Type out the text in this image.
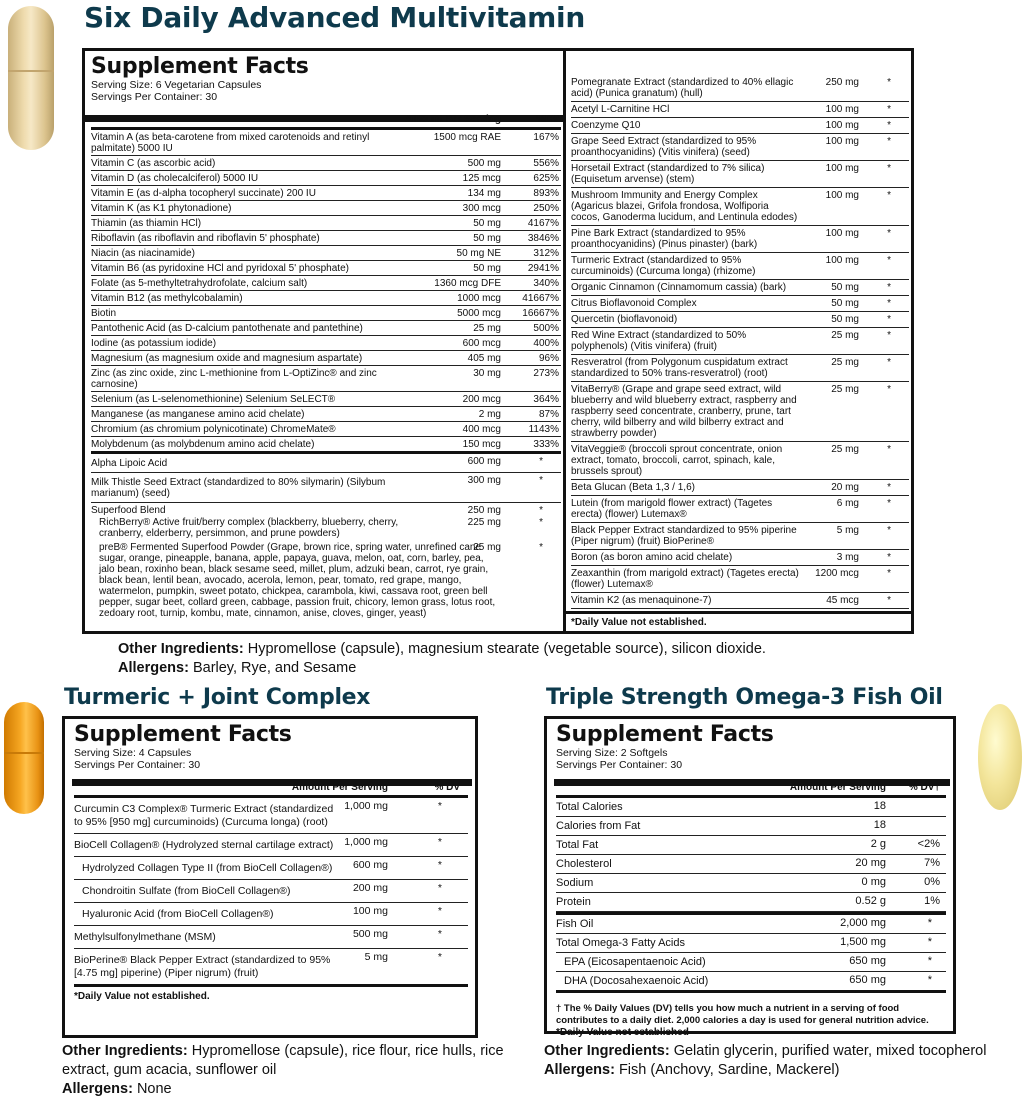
Six Daily Advanced Multivitamin
Supplement Facts
Serving Size: 6 Vegetarian Capsules
Servings Per Container: 30
Amount Per Serving	%DV
Vitamin A (as beta-carotene from mixed carotenoids and retinyl palmitate) 5000 IU
1500 mcg RAE	167%
Vitamin C (as ascorbic acid)	500 mg	556%
Vitamin D (as cholecalciferol) 5000 IU	125 mcg	625%
Vitamin E (as d-alpha tocopheryl succinate) 200 IU	134 mg	893%
Vitamin K (as K1 phytonadione)	300 mcg	250%
Thiamin (as thiamin HCl)	50 mg	4167%
Riboflavin (as riboflavin and riboflavin 5' phosphate)	50 mg	3846%
Niacin (as niacinamide)	50 mg NE	312%
Vitamin B6 (as pyridoxine HCl and pyridoxal 5' phosphate)	50 mg	2941%
Folate (as 5-methyltetrahydrofolate, calcium salt)	1360 mcg DFE	340%
Vitamin B12 (as methylcobalamin)	1000 mcg 41667%
Biotin	5000 mcg 16667%
Pantothenic Acid (as D-calcium pantothenate and pantethine)	25 mg	500%
Iodine (as potassium iodide)	600 mcg	400%
Magnesium (as magnesium oxide and magnesium aspartate)	405 mg	96%
Zinc (as zinc oxide, zinc L-methionine from L-OptiZinc® and zinc carnosine)
30 mg	273%
Selenium (as L-selenomethionine) Selenium SeLECT®	200 mcg	364%
Manganese (as manganese amino acid chelate)	2 mg	87%
Chromium (as chromium polynicotinate) ChromeMate®	400 mcg	1143%
Molybdenum (as molybdenum amino acid chelate)	150 mcg	333%
Alpha Lipoic Acid	600 mg	*
Milk Thistle Seed Extract (standardized to 80% silymarin) (Silybum marianum) (seed)
300 mg	*
Superfood Blend	250 mg	*
RichBerry® Active fruit/berry complex (blackberry, blueberry, cherry, cranberry, elderberry, persimmon, and prune powders)
225 mg	*
preB® Fermented Superfood Powder (Grape, brown rice, spring water, unrefined cane sugar, orange, pineapple, banana, apple, papaya, guava, melon, oat, corn, barley, pea, jalo bean, roxinho bean, black sesame seed, millet, plum, adzuki bean, carrot, rye grain, black bean, lentil bean, avocado, acerola, lemon, pear, tomato, red grape, mango, watermelon, pumpkin, sweet potato, chickpea, carambola, kiwi, cassava root, green bell pepper, sugar beet, collard green, cabbage, passion fruit, chicory, lemon grass, lotus root, zedoary root, turnip, kombu, mate, cinnamon, anise, cloves, ginger, yeast)
25 mg	*
Pomegranate Extract (standardized to 40% ellagic acid) (Punica granatum) (hull)
250 mg	*
Acetyl L-Carnitine HCl	100 mg	*
Coenzyme Q10	100 mg	*
Grape Seed Extract (standardized to 95% proanthocyanidins) (Vitis vinifera) (seed)
100 mg	*
Horsetail Extract (standardized to 7% silica) (Equisetum arvense) (stem)
100 mg	*
Mushroom Immunity and Energy Complex (Agaricus blazei, Grifola frondosa, Wolfiporia cocos, Ganoderma lucidum, and Lentinula edodes)
100 mg	*
Pine Bark Extract (standardized to 95% proanthocyanidins) (Pinus pinaster) (bark)
100 mg	*
Turmeric Extract (standardized to 95% curcuminoids) (Curcuma longa) (rhizome)
100 mg	*
Organic Cinnamon (Cinnamomum cassia) (bark)	50 mg	*
Citrus Bioflavonoid Complex	50 mg	*
Quercetin (bioflavonoid)	50 mg	*
Red Wine Extract (standardized to 50% polyphenols) (Vitis vinifera) (fruit)
25 mg	*
Resveratrol (from Polygonum cuspidatum extract standardized to 50% trans-resveratrol) (root)
25 mg	*
VitaBerry® (Grape and grape seed extract, wild blueberry and wild blueberry extract, raspberry and raspberry seed concentrate, cranberry, prune, tart cherry, wild bilberry and wild bilberry extract and strawberry powder)
25 mg	*
VitaVeggie® (broccoli sprout concentrate, onion extract, tomato, broccoli, carrot, spinach, kale, brussels sprout)
25 mg	*
Beta Glucan (Beta 1,3 / 1,6)	20 mg	*
Lutein (from marigold flower extract) (Tagetes erecta) (flower) Lutemax®
6 mg	*
Black Pepper Extract standardized to 95% piperine (Piper nigrum) (fruit) BioPerine®
5 mg	*
Boron (as boron amino acid chelate)	3 mg	*
Zeaxanthin (from marigold extract) (Tagetes erecta) (flower) Lutemax®
1200 mcg	*
Vitamin K2 (as menaquinone-7)	45 mcg	*
*Daily Value not established.
Other Ingredients: Hypromellose (capsule), magnesium stearate (vegetable source), silicon dioxide.
Allergens: Barley, Rye, and Sesame
Turmeric + Joint Complex
Supplement Facts
Serving Size: 4 Capsules
Servings Per Container: 30
Amount Per Serving	% DV
Curcumin C3 Complex® Turmeric Extract (standardized to 95% [950 mg] curcuminoids) (Curcuma longa) (root)
1,000 mg	*
BioCell Collagen® (Hydrolyzed sternal cartilage extract)	1,000 mg	*
Hydrolyzed Collagen Type II (from BioCell Collagen®)	600 mg	*
Chondroitin Sulfate (from BioCell Collagen®)	200 mg	*
Hyaluronic Acid (from BioCell Collagen®)	100 mg	*
Methylsulfonylmethane (MSM)	500 mg	*
BioPerine® Black Pepper Extract (standardized to 95% [4.75 mg] piperine) (Piper nigrum) (fruit)
5 mg	*
*Daily Value not established.
Other Ingredients: Hypromellose (capsule), rice flour, rice hulls, rice extract, gum acacia, sunflower oil
Allergens: None
Triple Strength Omega-3 Fish Oil
Supplement Facts
Serving Size: 2 Softgels
Servings Per Container: 30
Amount Per Serving % DV†
Total Calories	18
Calories from Fat	18
Total Fat	2 g	<2%
Cholesterol	20 mg	7%
Sodium	0 mg	0%
Protein	0.52 g	1%
Fish Oil	2,000 mg	*
Total Omega-3 Fatty Acids	1,500 mg	*
EPA (Eicosapentaenoic Acid)	650 mg	*
DHA (Docosahexaenoic Acid)	650 mg	*
† The % Daily Values (DV) tells you how much a nutrient in a serving of food contributes to a daily diet. 2,000 calories a day is used for general nutrition advice.
*Daily Value not established
Other Ingredients: Gelatin glycerin, purified water, mixed tocopherol
Allergens: Fish (Anchovy, Sardine, Mackerel)
